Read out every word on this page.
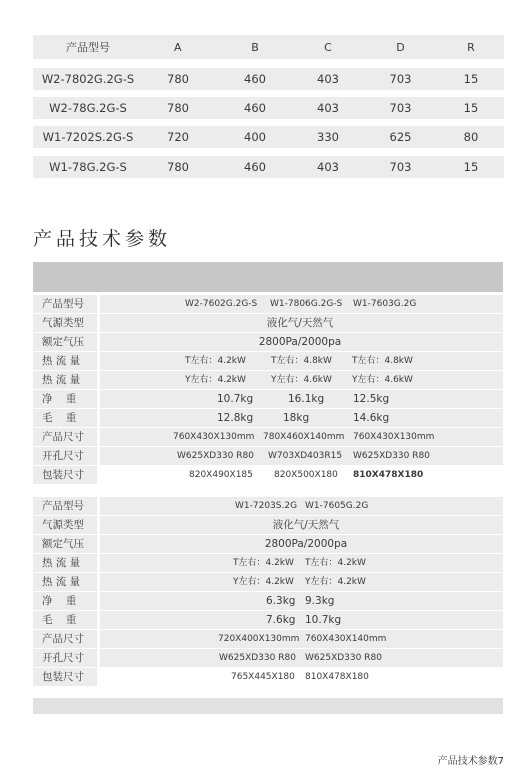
产品型号	A	B	C	D	R
W2-7802G.2G-S	780	460	403	703	15
W2-78G.2G-S	780	460	403	703	15
W1-7202S.2G-S	720	400	330	625	80
W1-78G.2G-S	780	460	403	703	15
产品技术参数
产品型号	W2-7602G.2G-S W1-7806G.2G-S W1-7603G.2G
气源类型	液化气/天然气
额定气压	2800Pa/2000pa
热 流 量	T左右：4.2kW	T左右：4.8kW T左右：4.8kW
热 流 量	Y左右：4.2kW	Y左右：4.6kW Y左右：4.6kW
净    重	10.7kg	16.1kg	12.5kg
毛    重	12.8kg	18kg	14.6kg
产品尺寸	760X430X130mm 780X460X140mm 760X430X130mm
开孔尺寸	W625XD330 R80 W703XD403R15 W625XD330 R80
包装尺寸	820X490X185 820X500X180 810X478X180
产品型号	W1-7203S.2G W1-7605G.2G
气源类型	液化气/天然气
额定气压	2800Pa/2000pa
热 流 量	T左右：4.2kW T左右：4.2kW
热 流 量	Y左右：4.2kW Y左右：4.2kW
净    重	6.3kg 9.3kg
毛    重	7.6kg 10.7kg
产品尺寸	720X400X130mm 760X430X140mm
开孔尺寸	W625XD330 R80 W625XD330 R80
包装尺寸	765X445X180 810X478X180
产品技术参数7
